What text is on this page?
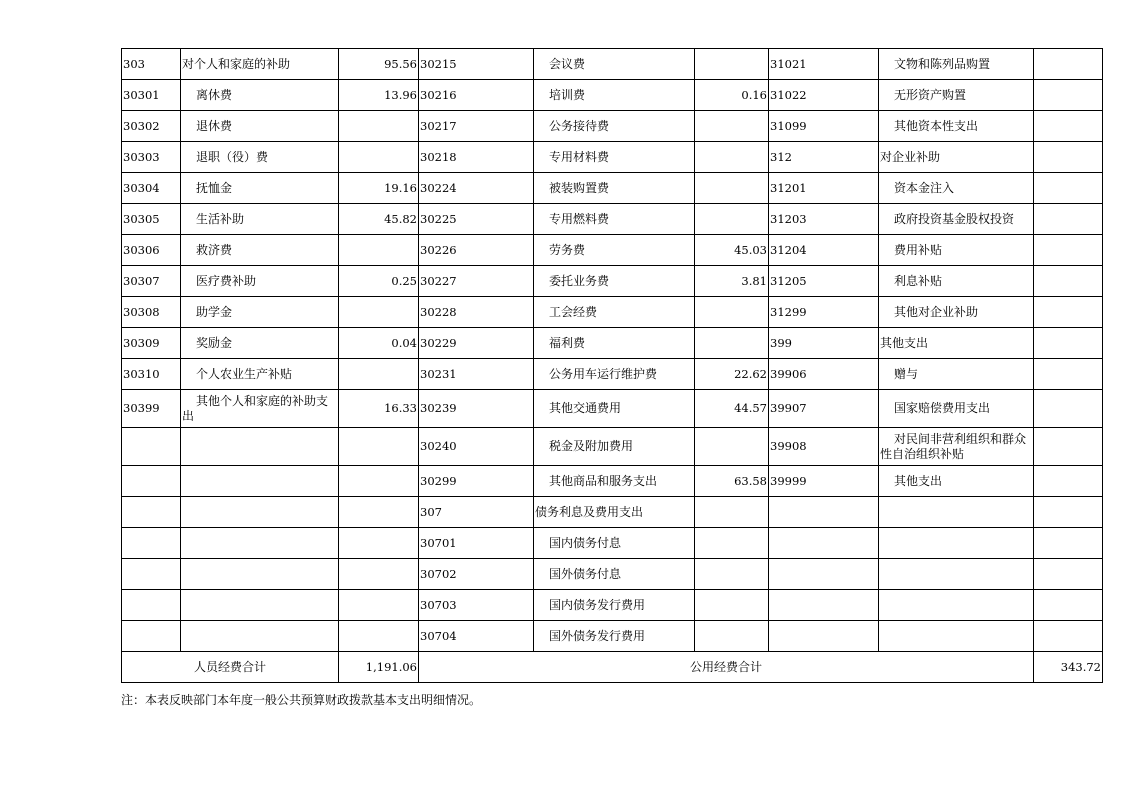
303	对个人和家庭的补助	95.56	30215	会议费		31021	文物和陈列品购置	
30301	离休费	13.96	30216	培训费	0.16	31022	无形资产购置	
30302	退休费		30217	公务接待费		31099	其他资本性支出	
30303	退职（役）费		30218	专用材料费		312	对企业补助	
30304	抚恤金	19.16	30224	被装购置费		31201	资本金注入	
30305	生活补助	45.82	30225	专用燃料费		31203	政府投资基金股权投资	
30306	救济费		30226	劳务费	45.03	31204	费用补贴	
30307	医疗费补助	0.25	30227	委托业务费	3.81	31205	利息补贴	
30308	助学金		30228	工会经费		31299	其他对企业补助	
30309	奖励金	0.04	30229	福利费		399	其他支出	
30310	个人农业生产补贴		30231	公务用车运行维护费	22.62	39906	赠与	
30399	其他个人和家庭的补助支出	16.33	30239	其他交通费用	44.57	39907	国家赔偿费用支出	
			30240	税金及附加费用		39908	对民间非营利组织和群众性自治组织补贴	
			30299	其他商品和服务支出	63.58	39999	其他支出	
			307	债务利息及费用支出				
			30701	国内债务付息				
			30702	国外债务付息				
			30703	国内债务发行费用				
			30704	国外债务发行费用				
人员经费合计		1,191.06	公用经费合计					343.72
注：本表反映部门本年度一般公共预算财政拨款基本支出明细情况。
